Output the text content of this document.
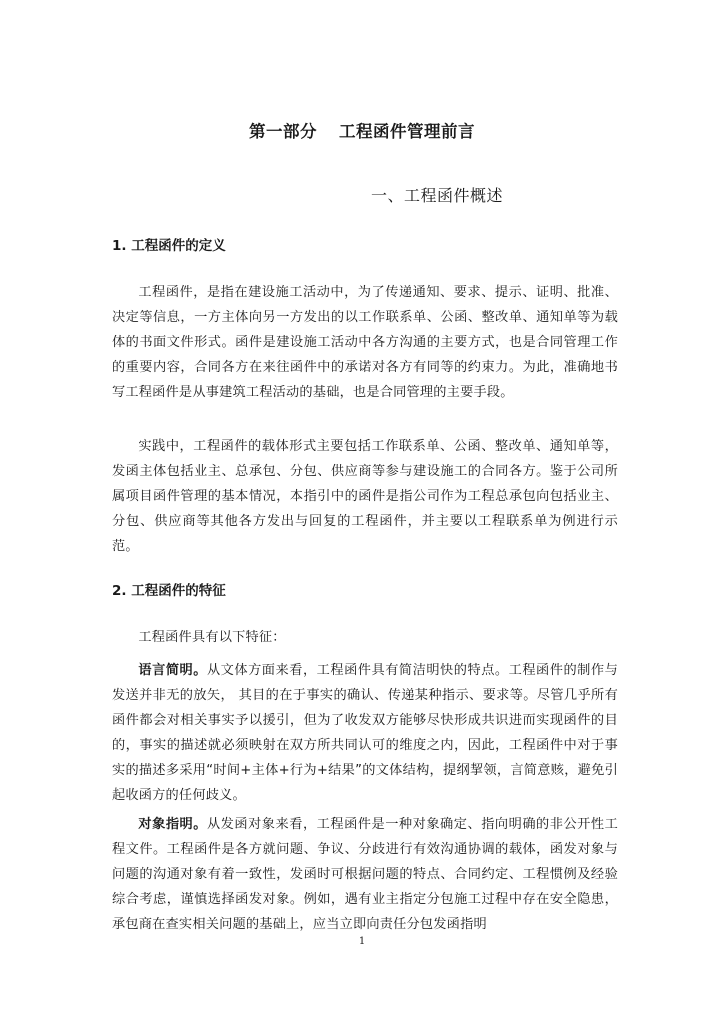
第一部分 工程函件管理前言
一、工程函件概述
1. 工程函件的定义

工程函件，是指在建设施工活动中，为了传递通知、要求、提示、证明、批准、决定等信息，一方主体向另一方发出的以工作联系单、公函、整改单、通知单等为载体的书面文件形式。函件是建设施工活动中各方沟通的主要方式，也是合同管理工作的重要内容，合同各方在来往函件中的承诺对各方有同等的约束力。为此，准确地书写工程函件是从事建筑工程活动的基础，也是合同管理的主要手段。

实践中，工程函件的载体形式主要包括工作联系单、公函、整改单、通知单等，发函主体包括业主、总承包、分包、供应商等参与建设施工的合同各方。鉴于公司所属项目函件管理的基本情况，本指引中的函件是指公司作为工程总承包向包括业主、分包、供应商等其他各方发出与回复的工程函件，并主要以工程联系单为例进行示范。

2. 工程函件的特征

工程函件具有以下特征：

语言简明。从文体方面来看，工程函件具有简洁明快的特点。工程函件的制作与发送并非无的放矢， 其目的在于事实的确认、传递某种指示、要求等。尽管几乎所有函件都会对相关事实予以援引，但为了收发双方能够尽快形成共识进而实现函件的目的，事实的描述就必须映射在双方所共同认可的维度之内，因此，工程函件中对于事实的描述多采用“时间+主体+行为+结果”的文体结构，提纲挈领，言简意赅，避免引起收函方的任何歧义。

对象指明。从发函对象来看，工程函件是一种对象确定、指向明确的非公开性工程文件。工程函件是各方就问题、争议、分歧进行有效沟通协调的载体，函发对象与问题的沟通对象有着一致性，发函时可根据问题的特点、合同约定、工程惯例及经验综合考虑，谨慎选择函发对象。例如，遇有业主指定分包施工过程中存在安全隐患，承包商在查实相关问题的基础上，应当立即向责任分包发函指明

1
